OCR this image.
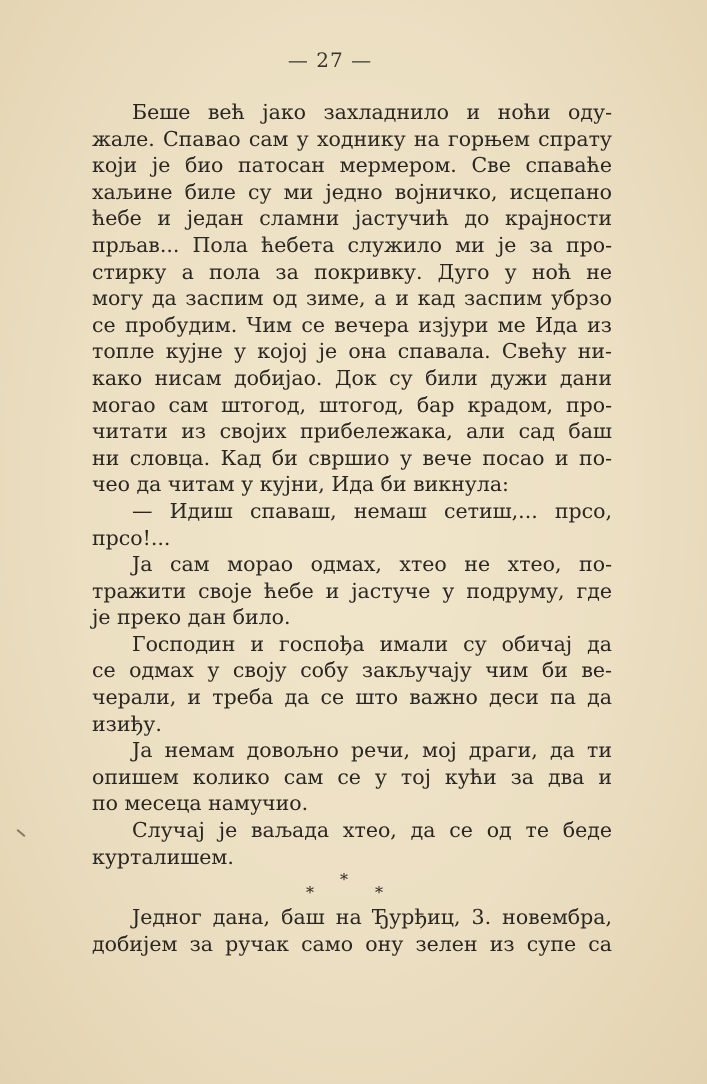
— 27 —
Беше већ јако захладнило и ноћи оду-
жале. Спавао сам у ходнику на горњем спрату
који је био патосан мермером. Све спаваће
хаљине биле су ми једно војничко, исцепано
ћебе и један сламни јастучић до крајности
прљав... Пола ћебета служило ми је за про-
стирку а пола за покривку. Дуго у ноћ не
могу да заспим од зиме, а и кад заспим убрзо
се пробудим. Чим се вечера изјури ме Ида из
топле кујне у којој је она спавала. Свећу ни-
како нисам добијао. Док су били дужи дани
могао сам штогод, штогод, бар крадом, про-
читати из својих прибележака, али сад баш
ни словца. Кад би свршио у вече посао и по-
чео да читам у кујни, Ида би викнула:
— Идиш спаваш, немаш сетиш,... прсо,
прсо!...
Ја сам морао одмах, хтео не хтео, по-
тражити своје ћебе и јастуче у подруму, где
је преко дан било.
Господин и госпођа имали су обичај да
се одмах у своју собу закључају чим би ве-
черали, и треба да се што важно деси па да
изиђу.
Ја немам довољно речи, мој драги, да ти
опишем колико сам се у тој кући за два и
по месеца намучио.
Случај је ваљада хтео, да се од те беде
курталишем.
*
*	*
Једног дана, баш на Ђурђиц, 3. новембра,
добијем за ручак само ону зелен из супе са
